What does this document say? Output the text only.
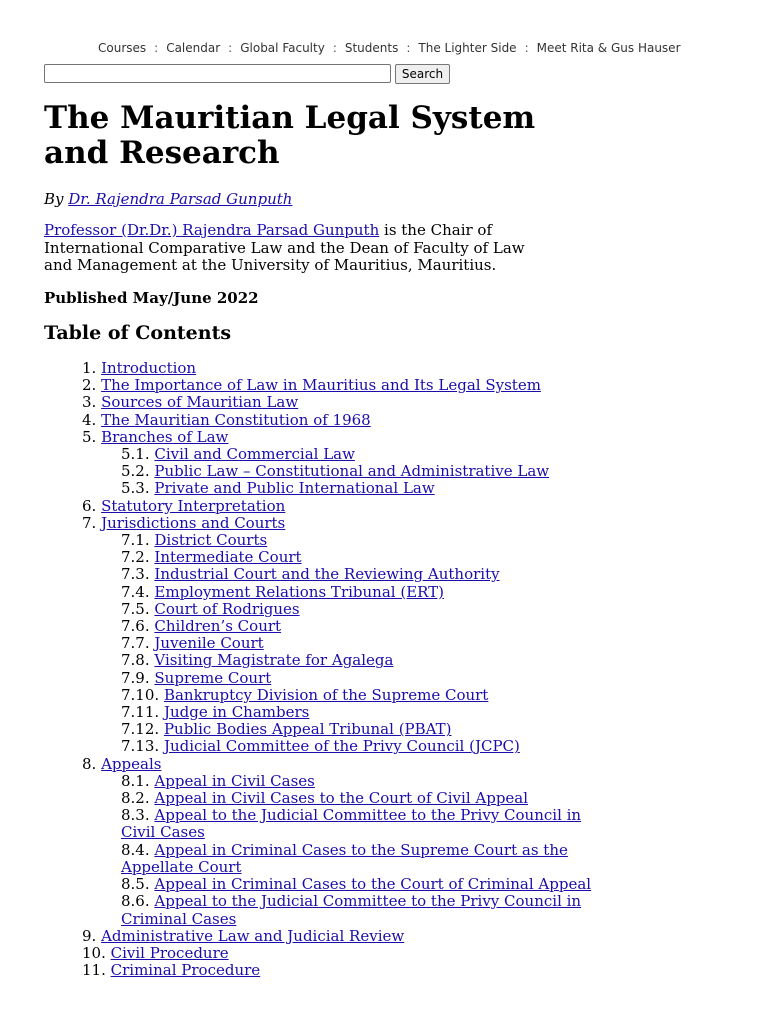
Courses : Calendar : Global Faculty : Students : The Lighter Side : Meet Rita & Gus Hauser
Search
The Mauritian Legal System and Research
By Dr. Rajendra Parsad Gunputh

Professor (Dr.Dr.) Rajendra Parsad Gunputh is the Chair of International Comparative Law and the Dean of Faculty of Law and Management at the University of Mauritius, Mauritius.

Published May/June 2022
Table of Contents
1. Introduction
2. The Importance of Law in Mauritius and Its Legal System
3. Sources of Mauritian Law
4. The Mauritian Constitution of 1968
5. Branches of Law
5.1. Civil and Commercial Law
5.2. Public Law – Constitutional and Administrative Law
5.3. Private and Public International Law
6. Statutory Interpretation
7. Jurisdictions and Courts
7.1. District Courts
7.2. Intermediate Court
7.3. Industrial Court and the Reviewing Authority
7.4. Employment Relations Tribunal (ERT)
7.5. Court of Rodrigues
7.6. Children’s Court
7.7. Juvenile Court
7.8. Visiting Magistrate for Agalega
7.9. Supreme Court
7.10. Bankruptcy Division of the Supreme Court
7.11. Judge in Chambers
7.12. Public Bodies Appeal Tribunal (PBAT)
7.13. Judicial Committee of the Privy Council (JCPC)
8. Appeals
8.1. Appeal in Civil Cases
8.2. Appeal in Civil Cases to the Court of Civil Appeal
8.3. Appeal to the Judicial Committee to the Privy Council in Civil Cases
8.4. Appeal in Criminal Cases to the Supreme Court as the Appellate Court
8.5. Appeal in Criminal Cases to the Court of Criminal Appeal
8.6. Appeal to the Judicial Committee to the Privy Council in Criminal Cases
9. Administrative Law and Judicial Review
10. Civil Procedure
11. Criminal Procedure
